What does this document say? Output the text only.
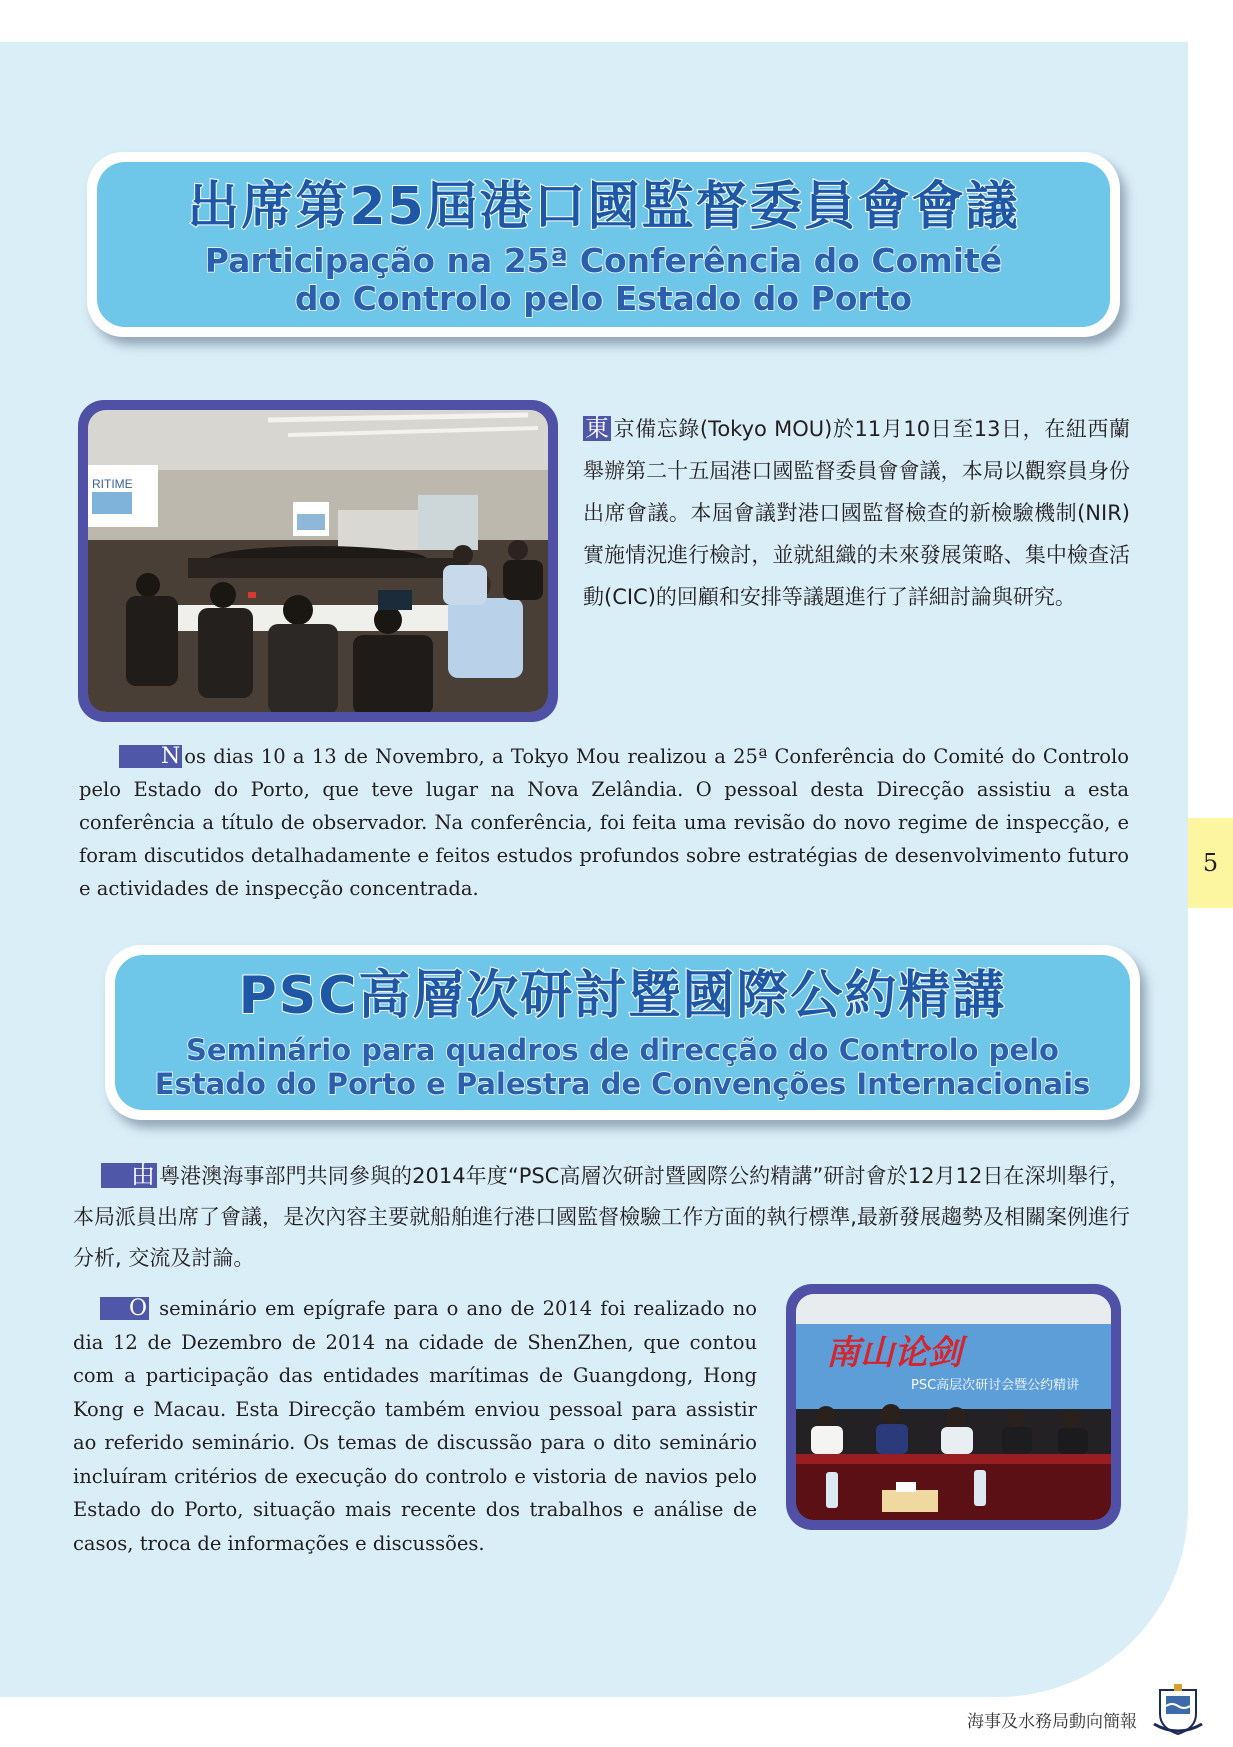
出席第25屆港口國監督委員會會議
Participação na 25ª Conferência do Comité
do Controlo pelo Estado do Porto
RITIME
東 京備忘錄(Tokyo MOU)於11月10日至13日，在紐西蘭舉辦第二十五屆港口國監督委員會會議，本局以觀察員身份出席會議。本屆會議對港口國監督檢查的新檢驗機制(NIR)實施情況進行檢討，並就組織的未來發展策略、集中檢查活動(CIC)的回顧和安排等議題進行了詳細討論與研究。
N os dias 10 a 13 de Novembro, a Tokyo Mou realizou a 25ª Conferência do Comité do Controlo pelo Estado do Porto, que teve lugar na Nova Zelândia. O pessoal desta Direcção assistiu a esta conferência a título de observador. Na conferência, foi feita uma revisão do novo regime de inspecção, e foram discutidos detalhadamente e feitos estudos profundos sobre estratégias de desenvolvimento futuro e actividades de inspecção concentrada.
PSC高層次研討暨國際公約精講
Seminário para quadros de direcção do Controlo pelo
Estado do Porto e Palestra de Convenções Internacionais
由 粵港澳海事部門共同參與的2014年度“PSC高層次研討暨國際公約精講”研討會於12月12日在深圳舉行，本局派員出席了會議，是次內容主要就船舶進行港口國監督檢驗工作方面的執行標準,最新發展趨勢及相關案例進行分析, 交流及討論。
O seminário em epígrafe para o ano de 2014 foi realizado no dia 12 de Dezembro de 2014 na cidade de ShenZhen, que contou com a participação das entidades marítimas de Guangdong, Hong Kong e Macau. Esta Direcção também enviou pessoal para assistir ao referido seminário. Os temas de discussão para o dito seminário incluíram critérios de execução do controlo e vistoria de navios pelo Estado do Porto, situação mais recente dos trabalhos e análise de casos, troca de informações e discussões.
南山论剑
PSC高层次研讨会暨公约精讲
5
海事及水務局動向簡報
